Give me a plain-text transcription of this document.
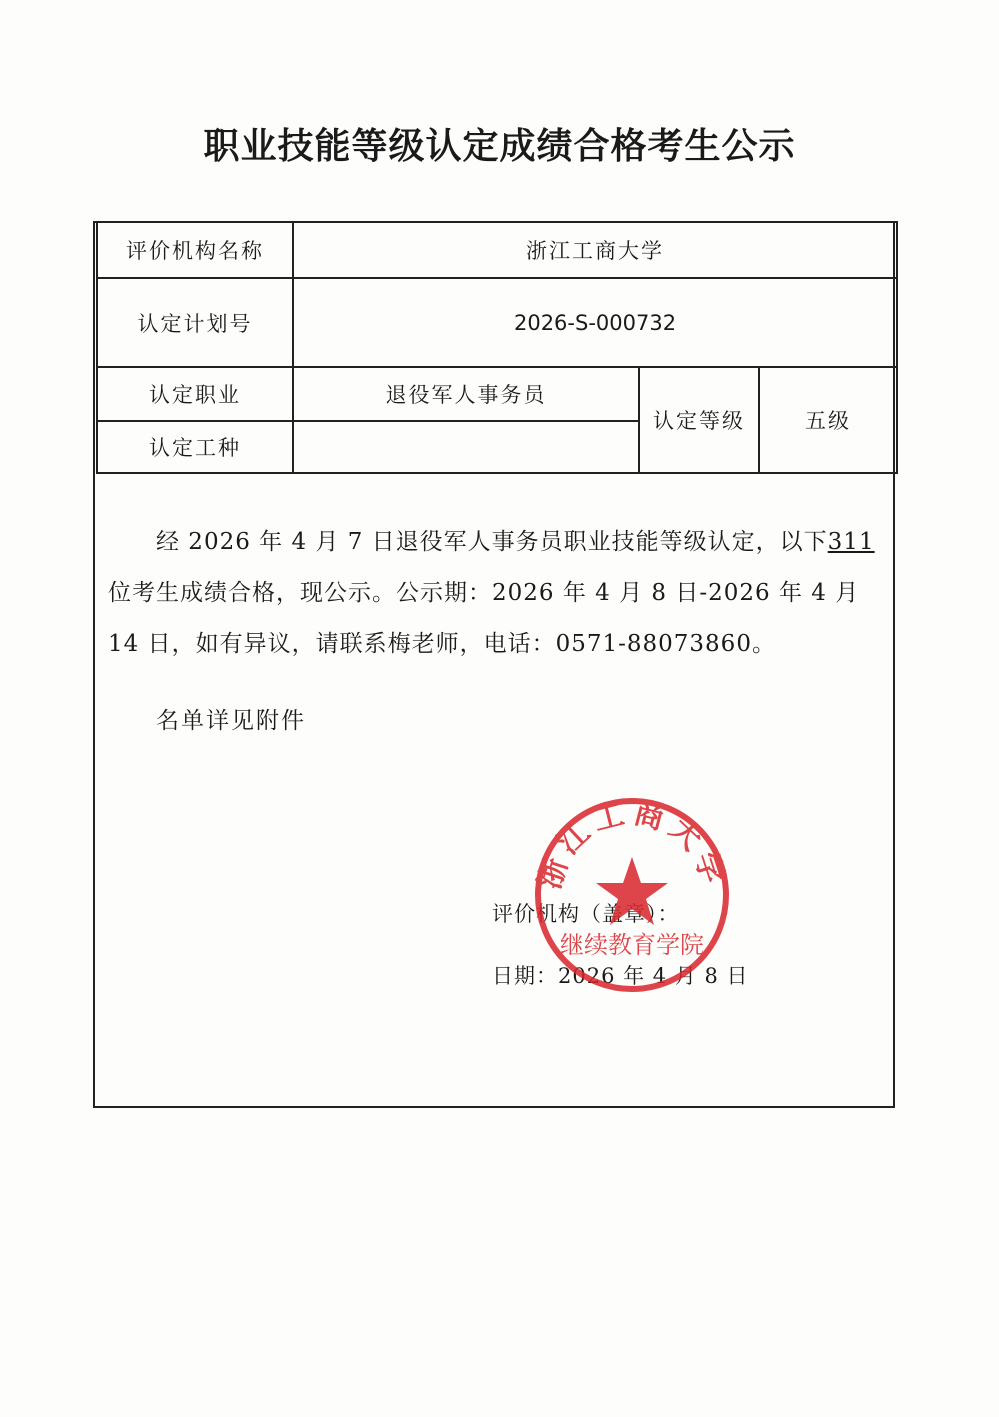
职业技能等级认定成绩合格考生公示
评价机构名称	浙江工商大学		
认定计划号	2026-S-000732		
认定职业	退役军人事务员	认定等级	五级
认定工种			

经 2026 年 4 月 7 日退役军人事务员职业技能等级认定，以下311位考生成绩合格，现公示。公示期：2026 年 4 月 8 日-2026 年 4 月 14 日，如有异议，请联系梅老师，电话：0571-88073860。

名单详见附件
评价机构（盖章）：
日期：2026 年 4 月 8 日
浙江工商大学
继续教育学院
